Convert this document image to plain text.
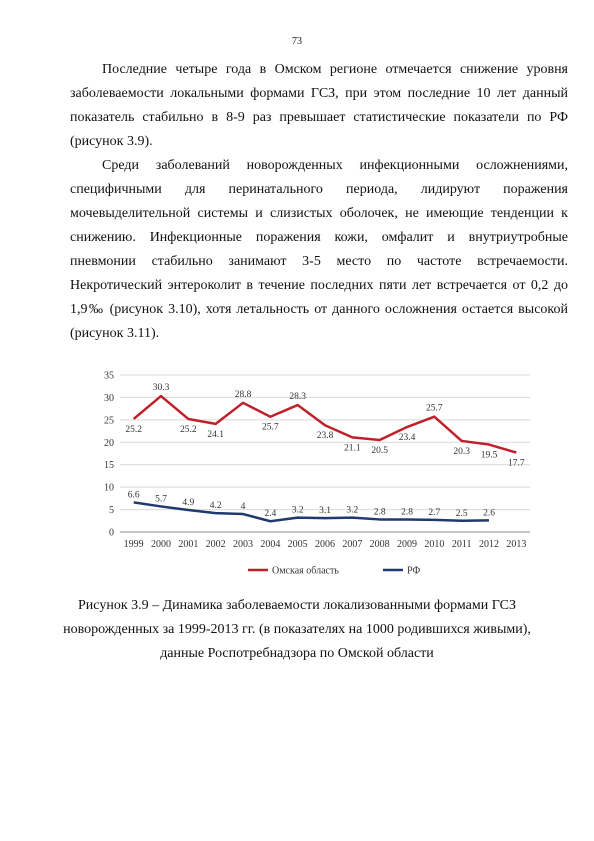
73

Последние четыре года в Омском регионе отмечается снижение уровня заболеваемости локальными формами ГСЗ, при этом последние 10 лет данный показатель стабильно в 8-9 раз превышает статистические показатели по РФ (рисунок 3.9).

Среди заболеваний новорожденных инфекционными осложнениями, специфичными для перинатального периода, лидируют поражения мочевыделительной системы и слизистых оболочек, не имеющие тенденции к снижению. Инфекционные поражения кожи, омфалит и внутриутробные пневмонии стабильно занимают 3-5 место по частоте встречаемости. Некротический энтероколит в течение последних пяти лет встречается от 0,2 до 1,9‰ (рисунок 3.10), хотя летальность от данного осложнения остается высокой (рисунок 3.11).

0
5
10
15
20
25
30
35
1999 2000 2001 2002 2003 2004 2005 2006 2007 2008 2009 2010 2011 2012 2013
25.2
30.3
25.2 24.1
28.8
25.7
28.3
23.8
21.1 20.5
23.4
25.7
20.3 19.5
17.7
6.6 5.7 4.9 4.2 4
2.4 3.2 3.1 3.2 2.8 2.8 2.7 2.5 2.6
Омская область	РФ
Рисунок 3.9 – Динамика заболеваемости локализованными формами ГСЗ
новорожденных за 1999-2013 гг. (в показателях на 1000 родившихся живыми),
данные Роспотребнадзора по Омской области
